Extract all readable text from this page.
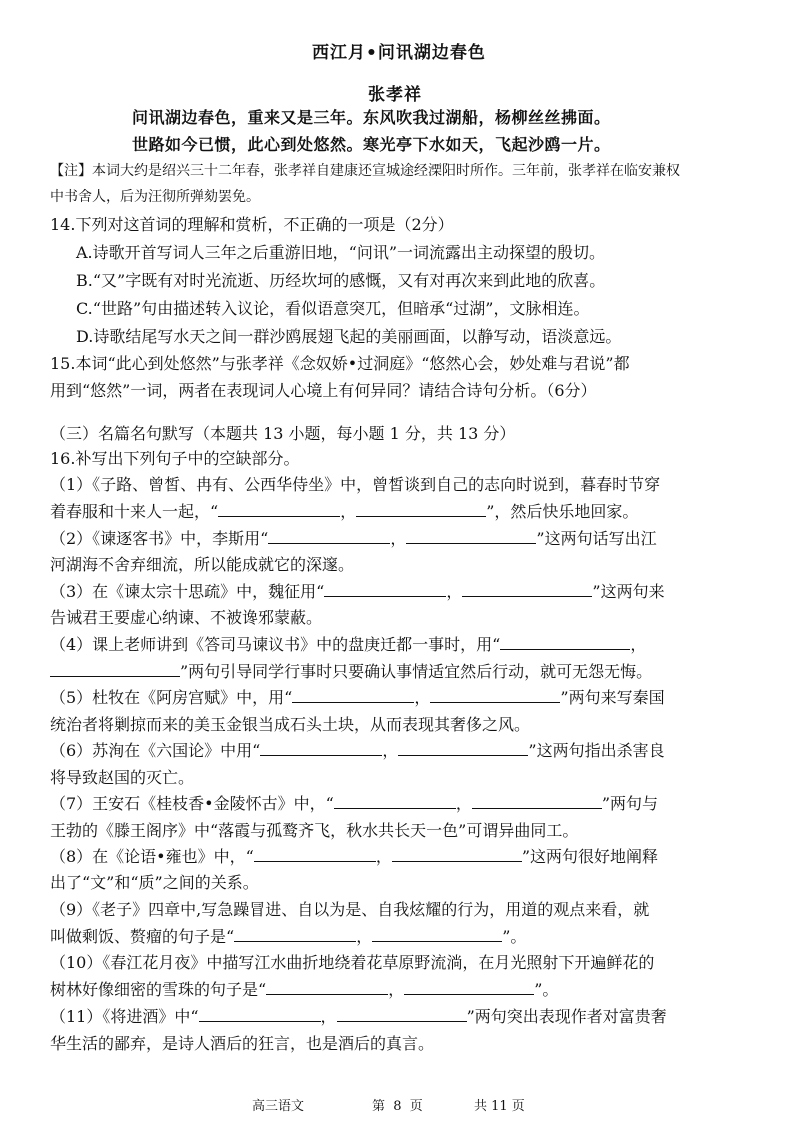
西江月•问讯湖边春色
张孝祥
问讯湖边春色，重来又是三年。东风吹我过湖船，杨柳丝丝拂面。
世路如今已惯，此心到处悠然。寒光亭下水如天，飞起沙鸥一片。
【注】本词大约是绍兴三十二年春，张孝祥自建康还宣城途经溧阳时所作。三年前，张孝祥在临安兼权
中书舍人，后为汪彻所弹劾罢免。
14.下列对这首词的理解和赏析，不正确的一项是（2分）
A.诗歌开首写词人三年之后重游旧地，“问讯”一词流露出主动探望的殷切。
B.“又”字既有对时光流逝、历经坎坷的感慨，又有对再次来到此地的欣喜。
C.“世路”句由描述转入议论，看似语意突兀，但暗承“过湖”，文脉相连。
D.诗歌结尾写水天之间一群沙鸥展翅飞起的美丽画面，以静写动，语淡意远。
15.本词“此心到处悠然”与张孝祥《念奴娇•过洞庭》“悠然心会，妙处难与君说”都
用到“悠然”一词，两者在表现词人心境上有何异同？请结合诗句分析。（6分）
（三）名篇名句默写（本题共 13 小题，每小题 1 分，共 13 分）
16.补写出下列句子中的空缺部分。
（1）《子路、曾皙、冉有、公西华侍坐》中，曾皙谈到自己的志向时说到，暮春时节穿
着春服和十来人一起，“	，	”，然后快乐地回家。
（2）《谏逐客书》中，李斯用“	，	”这两句话写出江
河湖海不舍弃细流，所以能成就它的深邃。
（3）在《谏太宗十思疏》中，魏征用“	，	”这两句来
告诫君王要虚心纳谏、不被谗邪蒙蔽。
（4）课上老师讲到《答司马谏议书》中的盘庚迁都一事时，用“	，
”两句引导同学行事时只要确认事情适宜然后行动，就可无怨无悔。
（5）杜牧在《阿房宫赋》中，用“	，	”两句来写秦国
统治者将剿掠而来的美玉金银当成石头土块，从而表现其奢侈之风。
（6）苏洵在《六国论》中用“	，	”这两句指出杀害良
将导致赵国的灭亡。
（7）王安石《桂枝香•金陵怀古》中，“	，	”两句与
王勃的《滕王阁序》中“落霞与孤鹜齐飞，秋水共长天一色”可谓异曲同工。
（8）在《论语•雍也》中，“	，	”这两句很好地阐释
出了“文”和“质”之间的关系。
（9）《老子》四章中,写急躁冒进、自以为是、自我炫耀的行为，用道的观点来看，就
叫做剩饭、赘瘤的句子是“	，	”。
（10）《春江花月夜》中描写江水曲折地绕着花草原野流淌，在月光照射下开遍鲜花的
树林好像细密的雪珠的句子是“	，	”。
（11）《将进酒》中“	，	”两句突出表现作者对富贵奢
华生活的鄙弃，是诗人酒后的狂言，也是酒后的真言。
高三语文	第  8  页	共 11 页
